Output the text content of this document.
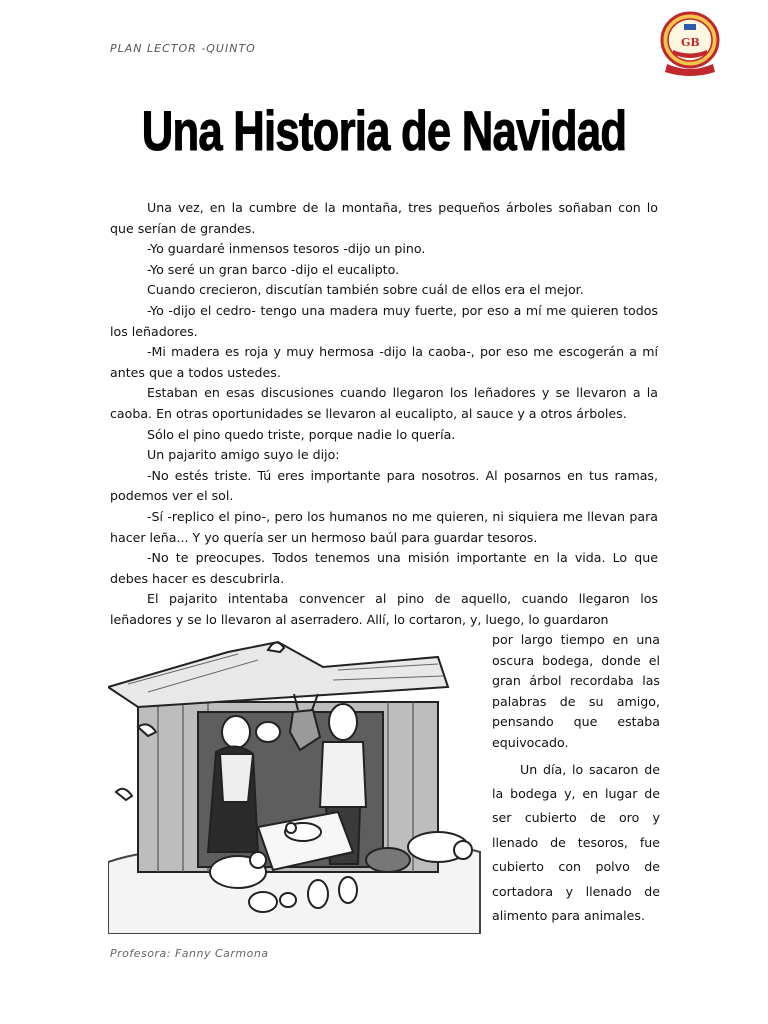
PLAN LECTOR -QUINTO	GB
Una Historia de Navidad

Una vez, en la cumbre de la montaña, tres pequeños árboles soñaban con lo que serían de grandes.

-Yo guardaré inmensos tesoros -dijo un pino.

-Yo seré un gran barco -dijo el eucalipto.

Cuando crecieron, discutían también sobre cuál de ellos era el mejor.

-Yo -dijo el cedro- tengo una madera muy fuerte, por eso a mí me quieren todos los leñadores.

-Mi madera es roja y muy hermosa -dijo la caoba-, por eso me escogerán a mí antes que a todos ustedes.

Estaban en esas discusiones cuando llegaron los leñadores y se llevaron a la caoba. En otras oportunidades se llevaron al eucalipto, al sauce y a otros árboles.

Sólo el pino quedo triste, porque nadie lo quería.

Un pajarito amigo suyo le dijo:

-No estés triste. Tú eres importante para nosotros. Al posarnos en tus ramas, podemos ver el sol.

-Sí -replico el pino-, pero los humanos no me quieren, ni siquiera me llevan para hacer leña... Y yo quería ser un hermoso baúl para guardar tesoros.

-No te preocupes. Todos tenemos una misión importante en la vida. Lo que debes hacer es descubrirla.

El pajarito intentaba convencer al pino de aquello, cuando llegaron los leñadores y se lo llevaron al aserradero. Allí, lo cortaron, y, luego, lo guardaron

por largo tiempo en una oscura bodega, donde el gran árbol recordaba las palabras de su amigo, pensando que estaba equivocado.

Un día, lo sacaron de la bodega y, en lugar de ser cubierto de oro y llenado de tesoros, fue cubierto con polvo de cortadora y llenado de alimento para animales.

Profesora: Fanny Carmona
